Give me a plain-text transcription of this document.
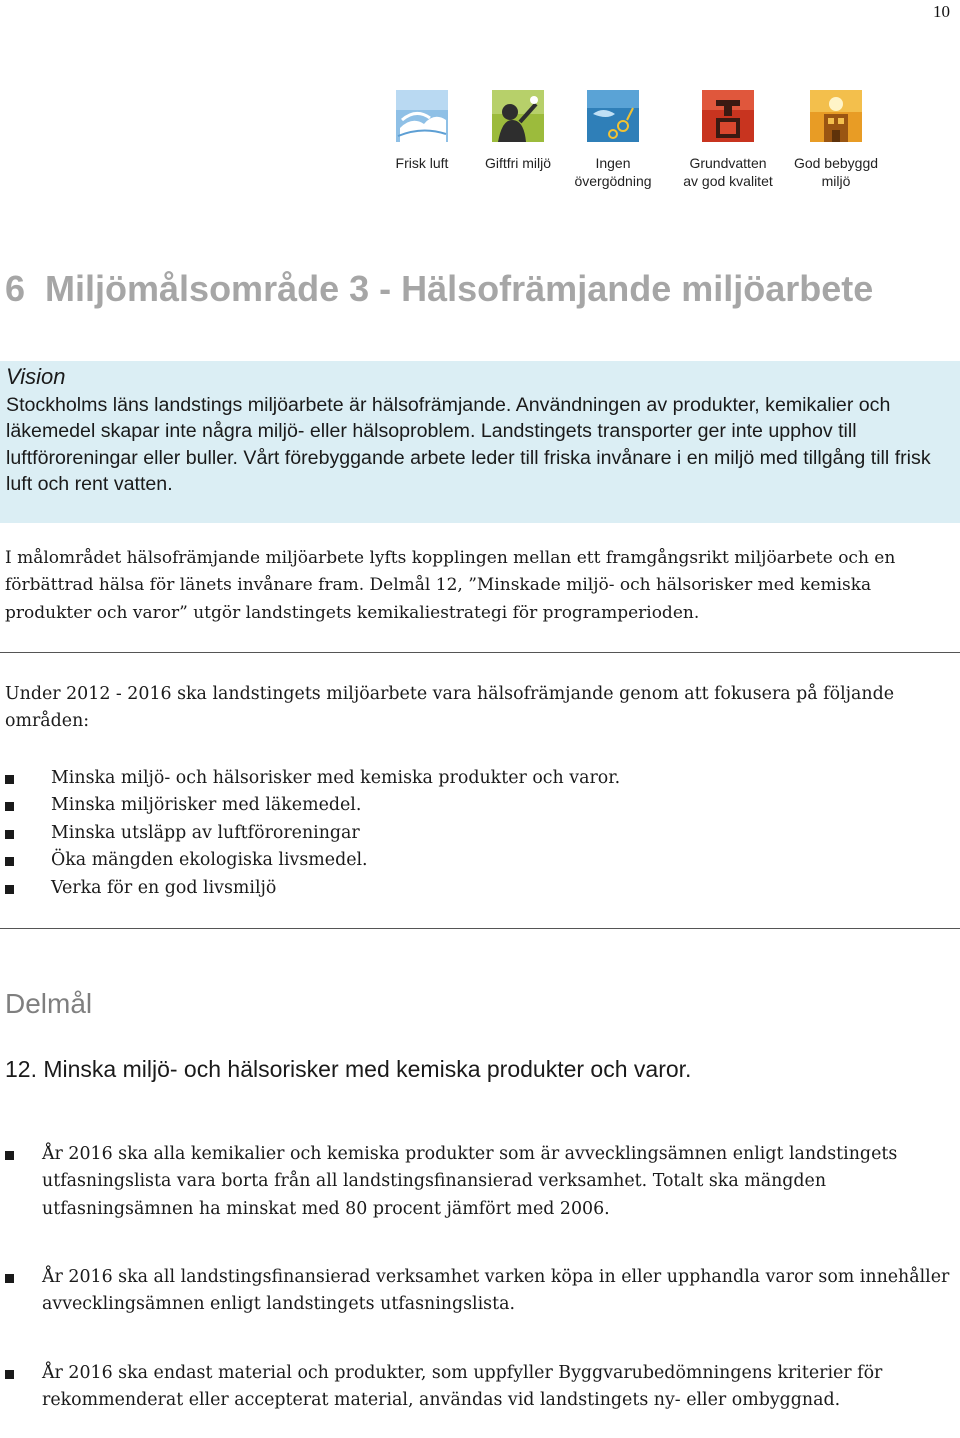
10
Frisk luft	Giftfri miljö	Ingen
övergödning
Grundvatten
av god kvalitet
God bebyggd
miljö
6 Miljömålsområde 3 - Hälsofrämjande miljöarbete
Vision
Stockholms läns landstings miljöarbete är hälsofrämjande. Användningen av produkter, kemikalier och läkemedel skapar inte några miljö- eller hälsoproblem. Landstingets transporter ger inte upphov till luftföroreningar eller buller. Vårt förebyggande arbete leder till friska invånare i en miljö med tillgång till frisk luft och rent vatten.
I målområdet hälsofrämjande miljöarbete lyfts kopplingen mellan ett framgångsrikt miljöarbete och en förbättrad hälsa för länets invånare fram. Delmål 12, ”Minskade miljö- och hälsorisker med kemiska produkter och varor” utgör landstingets kemikaliestrategi för programperioden.
Under 2012 - 2016 ska landstingets miljöarbete vara hälsofrämjande genom att fokusera på följande områden:
Minska miljö- och hälsorisker med kemiska produkter och varor.
Minska miljörisker med läkemedel.
Minska utsläpp av luftföroreningar
Öka mängden ekologiska livsmedel.
Verka för en god livsmiljö
Delmål
12. Minska miljö- och hälsorisker med kemiska produkter och varor.
År 2016 ska alla kemikalier och kemiska produkter som är avvecklingsämnen enligt landstingets utfasningslista vara borta från all landstingsfinansierad verksamhet. Totalt ska mängden utfasningsämnen ha minskat med 80 procent jämfört med 2006.
År 2016 ska all landstingsfinansierad verksamhet varken köpa in eller upphandla varor som innehåller avvecklingsämnen enligt landstingets utfasningslista.
År 2016 ska endast material och produkter, som uppfyller Byggvarubedömningens kriterier för rekommenderat eller accepterat material, användas vid landstingets ny- eller ombyggnad.
